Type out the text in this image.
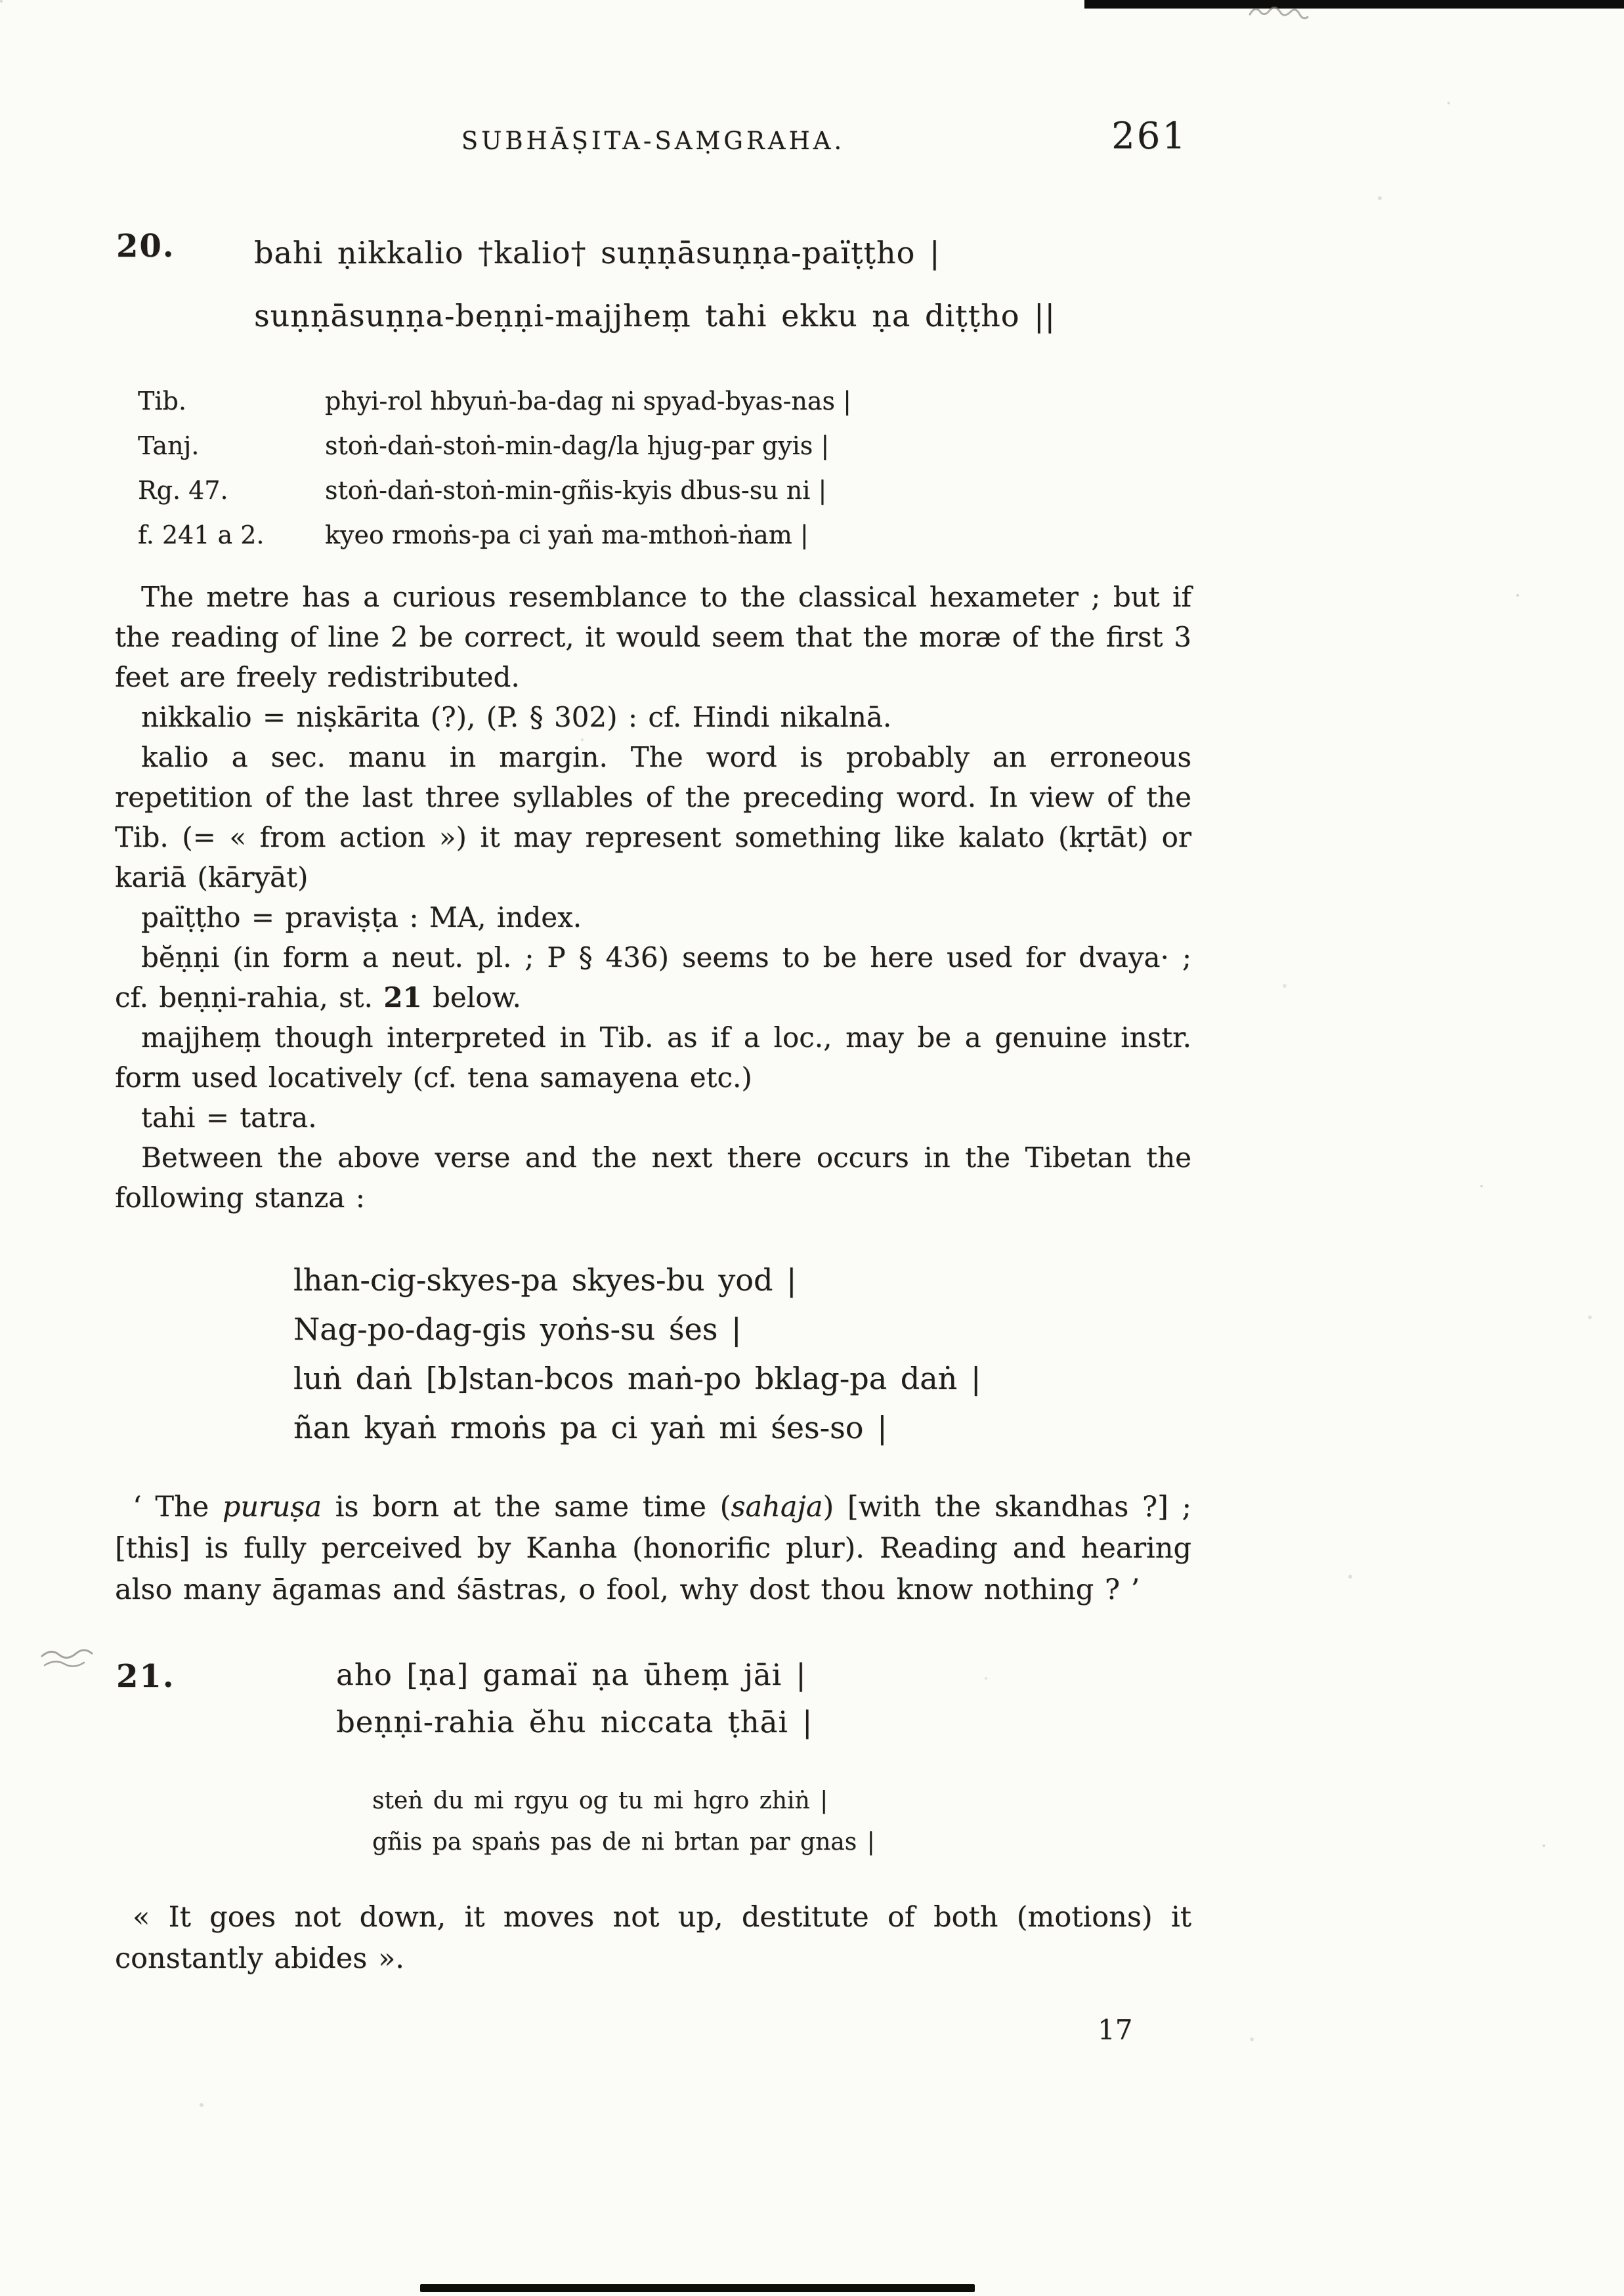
SUBHĀṢITA-SAṂGRAHA.	261
20.	bahi ṇikkalio †kalio† suṇṇāsuṇṇa-païṭṭho |
suṇṇāsuṇṇa-beṇṇi-majjheṃ tahi ekku ṇa diṭṭho ||
Tib.	phyi-rol hbyuṅ-ba-dag ni spyad-byas-nas |
Tanj.	stoṅ-daṅ-stoṅ-min-dag/la hjug-par gyis |
Rg. 47.	stoṅ-daṅ-stoṅ-min-gñis-kyis dbus-su ni |
f. 241 a 2.	kyeo rmoṅs-pa ci yaṅ ma-mthoṅ-ṅam |

The metre has a curious resemblance to the classical hexameter ; but if the reading of line 2 be correct, it would seem that the moræ of the first 3 feet are freely redistributed.

nikkalio = niṣkārita (?), (P. § 302) : cf. Hindi nikalnā.

kalio a sec. manu in margin. The word is probably an erroneous repetition of the last three syllables of the preceding word. In view of the Tib. (= « from action ») it may represent something like kalato (kṛtāt) or kariā (kāryāt)

païṭṭho = praviṣṭa : MA, index.

bĕṇṇi (in form a neut. pl. ; P § 436) seems to be here used for dvaya· ; cf. beṇṇi-rahia, st. 21 below.

majjheṃ though interpreted in Tib. as if a loc., may be a genuine instr. form used locatively (cf. tena samayena etc.)

tahi = tatra.

Between the above verse and the next there occurs in the Tibetan the following stanza :

lhan-cig-skyes-pa skyes-bu yod |
Nag-po-dag-gis yoṅs-su śes |
luṅ daṅ [b]stan-bcos maṅ-po bklag-pa daṅ |
ñan kyaṅ rmoṅs pa ci yaṅ mi śes-so |

‘ The puruṣa is born at the same time (sahaja) [with the skandhas ?] ; [this] is fully perceived by Kanha (honorific plur). Reading and hearing also many āgamas and śāstras, o fool, why dost thou know nothing ? ’

21.	aho [ṇa] gamaï ṇa ūheṃ jāi |
beṇṇi-rahia ĕhu niccata ṭhāi |
steṅ du mi rgyu og tu mi hgro zhiṅ |
gñis pa spaṅs pas de ni brtan par gnas |

« It goes not down, it moves not up, destitute of both (motions) it constantly abides ».

17
